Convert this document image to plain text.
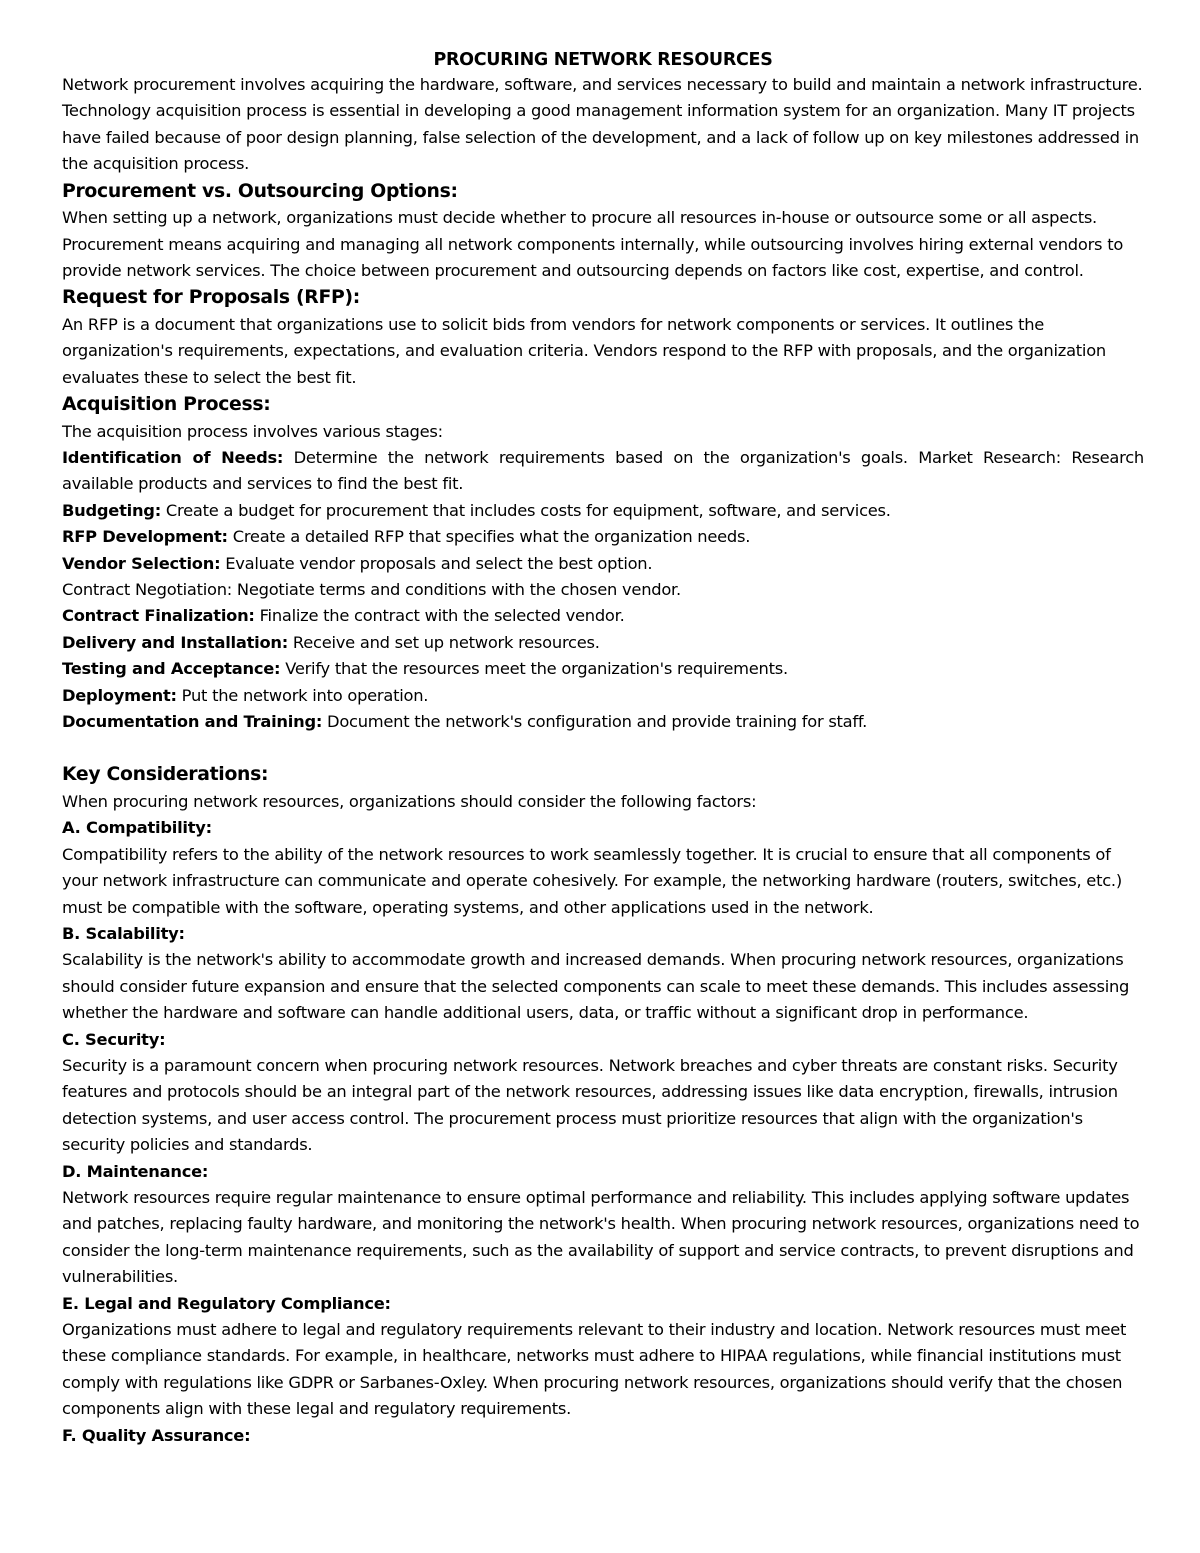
PROCURING NETWORK RESOURCES

Network procurement involves acquiring the hardware, software, and services necessary to build and maintain a network infrastructure. Technology acquisition process is essential in developing a good management information system for an organization. Many IT projects have failed because of poor design planning, false selection of the development, and a lack of follow up on key milestones addressed in the acquisition process.

Procurement vs. Outsourcing Options:

When setting up a network, organizations must decide whether to procure all resources in-house or outsource some or all aspects. Procurement means acquiring and managing all network components internally, while outsourcing involves hiring external vendors to provide network services. The choice between procurement and outsourcing depends on factors like cost, expertise, and control.

Request for Proposals (RFP):

An RFP is a document that organizations use to solicit bids from vendors for network components or services. It outlines the organization's requirements, expectations, and evaluation criteria. Vendors respond to the RFP with proposals, and the organization evaluates these to select the best fit.

Acquisition Process:

The acquisition process involves various stages:

Identification of Needs: Determine the network requirements based on the organization's goals. Market Research: Research available products and services to find the best fit.

Budgeting: Create a budget for procurement that includes costs for equipment, software, and services.

RFP Development: Create a detailed RFP that specifies what the organization needs.

Vendor Selection: Evaluate vendor proposals and select the best option.

Contract Negotiation: Negotiate terms and conditions with the chosen vendor.

Contract Finalization: Finalize the contract with the selected vendor.

Delivery and Installation: Receive and set up network resources.

Testing and Acceptance: Verify that the resources meet the organization's requirements.

Deployment: Put the network into operation.

Documentation and Training: Document the network's configuration and provide training for staff.

Key Considerations:

When procuring network resources, organizations should consider the following factors:

A. Compatibility:

Compatibility refers to the ability of the network resources to work seamlessly together. It is crucial to ensure that all components of your network infrastructure can communicate and operate cohesively. For example, the networking hardware (routers, switches, etc.) must be compatible with the software, operating systems, and other applications used in the network.

B. Scalability:

Scalability is the network's ability to accommodate growth and increased demands. When procuring network resources, organizations should consider future expansion and ensure that the selected components can scale to meet these demands. This includes assessing whether the hardware and software can handle additional users, data, or traffic without a significant drop in performance.

C. Security:

Security is a paramount concern when procuring network resources. Network breaches and cyber threats are constant risks. Security features and protocols should be an integral part of the network resources, addressing issues like data encryption, firewalls, intrusion detection systems, and user access control. The procurement process must prioritize resources that align with the organization's security policies and standards.

D. Maintenance:

Network resources require regular maintenance to ensure optimal performance and reliability. This includes applying software updates and patches, replacing faulty hardware, and monitoring the network's health. When procuring network resources, organizations need to consider the long-term maintenance requirements, such as the availability of support and service contracts, to prevent disruptions and vulnerabilities.

E. Legal and Regulatory Compliance:

Organizations must adhere to legal and regulatory requirements relevant to their industry and location. Network resources must meet these compliance standards. For example, in healthcare, networks must adhere to HIPAA regulations, while financial institutions must comply with regulations like GDPR or Sarbanes-Oxley. When procuring network resources, organizations should verify that the chosen components align with these legal and regulatory requirements.

F. Quality Assurance:
